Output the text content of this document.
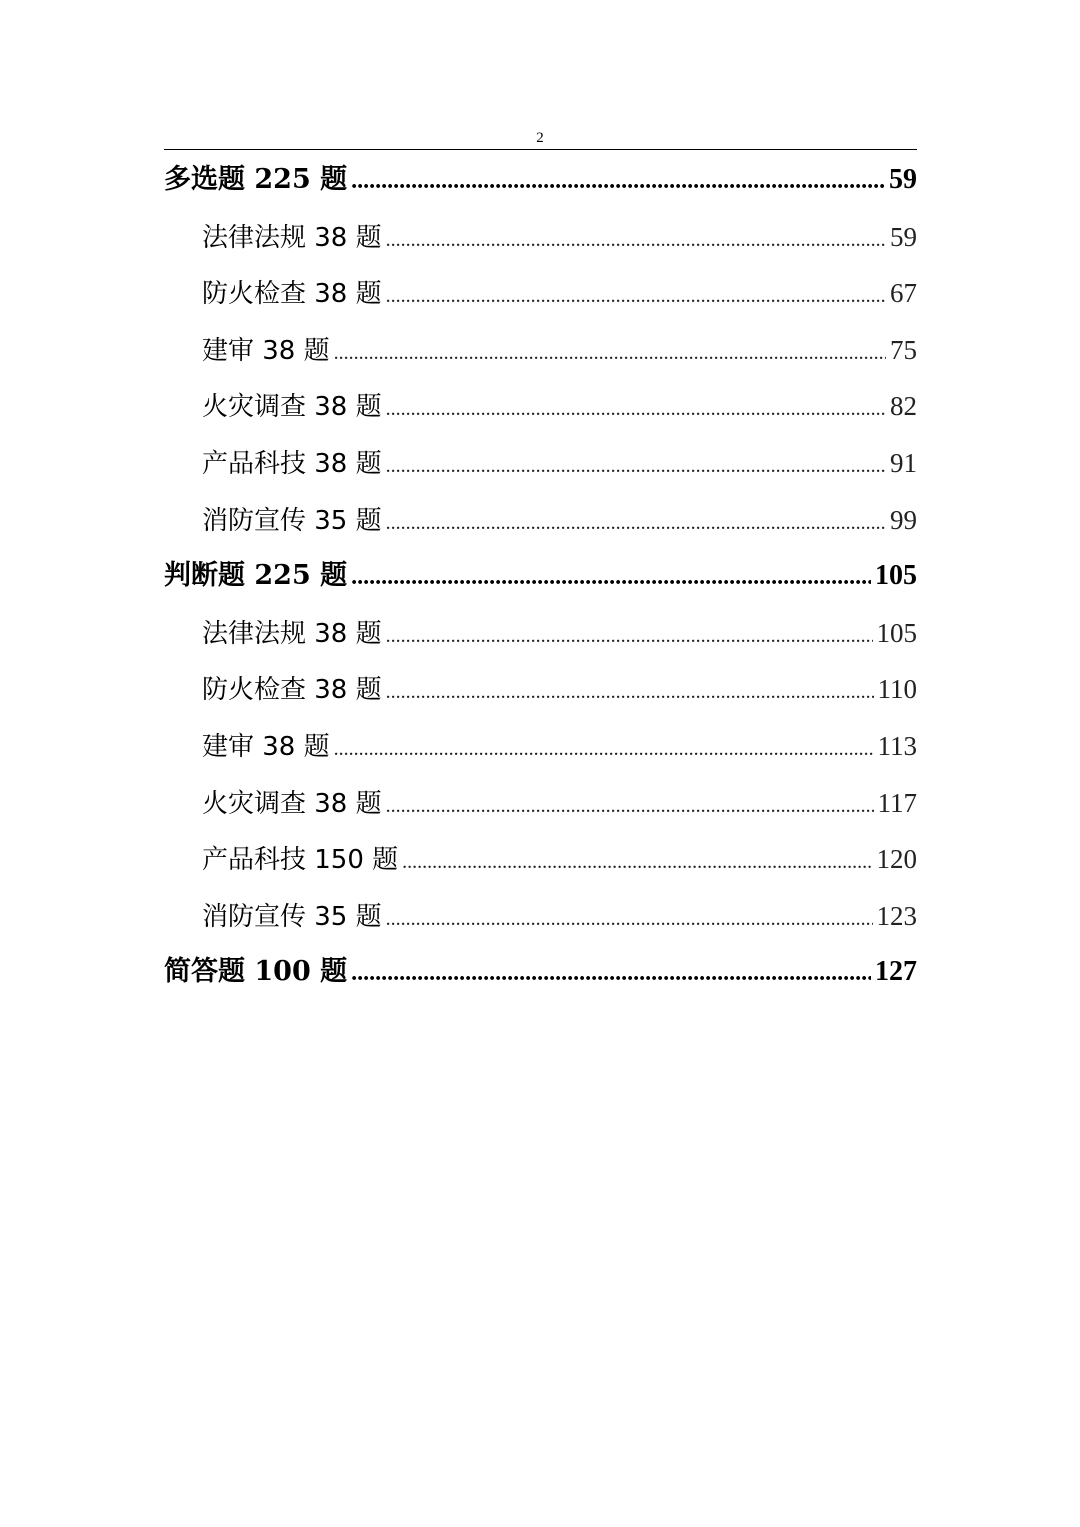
2
多选题 225 题 .....	59
法律法规 38 题 .....	59
防火检查 38 题 .....	67
建审 38 题 .....	75
火灾调查 38 题 .....	82
产品科技 38 题 .....	91
消防宣传 35 题 .....	99
判断题 225 题 .....	105
法律法规 38 题 .....	105
防火检查 38 题 .....	110
建审 38 题 .....	113
火灾调查 38 题 .....	117
产品科技 150 题 .....	120
消防宣传 35 题 .....	123
简答题 100 题 .....	127
